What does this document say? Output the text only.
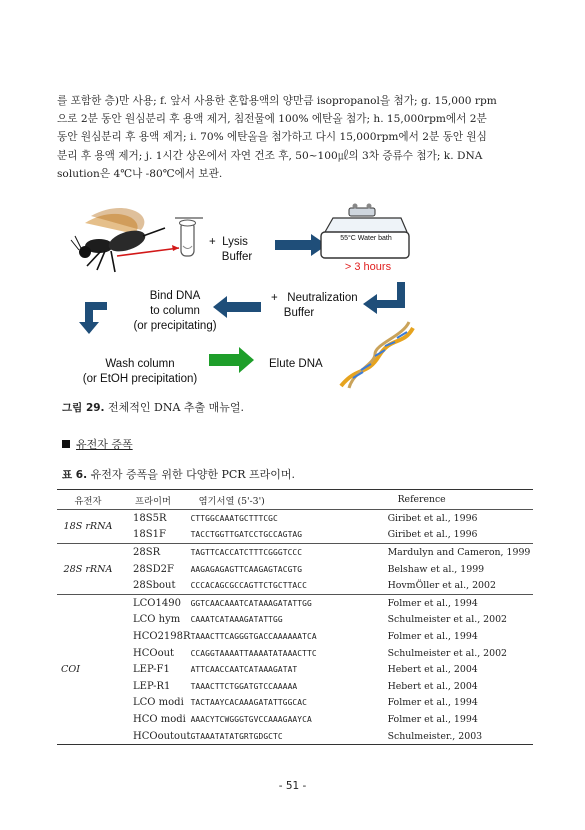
를 포함한 층)만 사용; f. 앞서 사용한 혼합용액의 양만큼 isopropanol을 첨가; g. 15,000 rpm
으로 2분 동안 원심분리 후 용액 제거, 침전물에 100% 에탄올 첨가; h. 15,000rpm에서 2분
동안 원심분리 후 용액 제거; i. 70% 에탄올을 첨가하고 다시 15,000rpm에서 2분 동안 원심
분리 후 용액 제거; j. 1시간 상온에서 자연 건조 후, 50~100㎕의 3차 증류수 첨가; k. DNA
solution은 4℃나 -80℃에서 보관.
+  Lysis
Buffer
55°C Water bath
> 3 hours
+   Neutralization
Buffer
Bind DNA
to column
(or precipitating)
Wash column
(or EtOH precipitation)
Elute DNA
그림 29. 전체적인 DNA 추출 매뉴얼.
유전자 증폭
표 6. 유전자 증폭을 위한 다양한 PCR 프라이머.
유전자	프라이머	염기서열 (5'-3')	Reference
18S rRNA	18S5R	CTTGGCAAATGCTTTCGC	Giribet et al., 1996
	18S1F	TACCTGGTTGATCCTGCCAGTAG	Giribet et al., 1996
28S rRNA	28SR	TAGTTCACCATCTTTCGGGTCCC	Mardulyn and Cameron, 1999
	28SD2F	AAGAGAGAGTTCAAGAGTACGTG	Belshaw et al., 1999
	28Sbout	CCCACAGCGCCAGTTCTGCTTACC	HovmÖller et al., 2002
COI	LCO1490	GGTCAACAAATCATAAAGATATTGG	Folmer et al., 1994
	LCO hym	CAAATCATAAAGATATTGG	Schulmeister et al., 2002
	HCO2198R	TAAACTTCAGGGTGACCAAAAAATCA	Folmer et al., 1994
	HCOout	CCAGGTAAAATTAAAATATAAACTTC	Schulmeister et al., 2002
	LEP-F1	ATTCAACCAATCATAAAGATAT	Hebert et al., 2004
	LEP-R1	TAAACTTCTGGATGTCCAAAAA	Hebert et al., 2004
	LCO modi	TACTAAYCACAAAGATATTGGCAC	Folmer et al., 1994
	HCO modi	AAACYTCWGGGTGVCCAAAGAAYCA	Folmer et al., 1994
	HCOoutout	GTAAATATATGRTGDGCTC	Schulmeister., 2003
- 51 -
